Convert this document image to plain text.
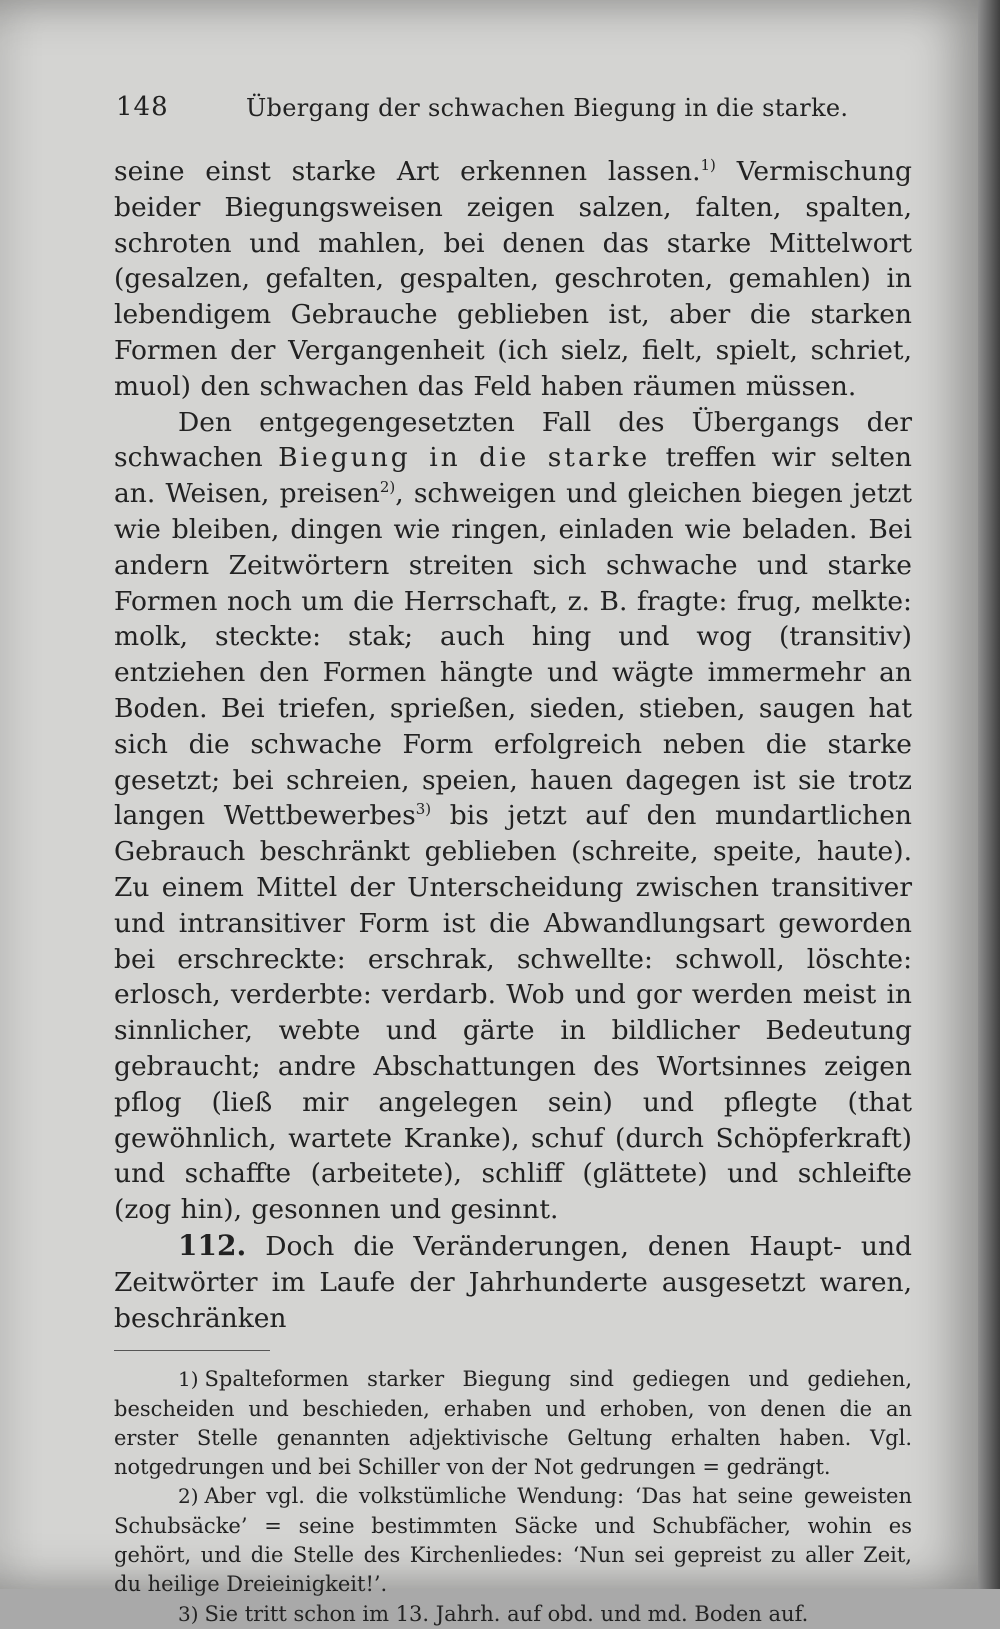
148	Übergang der schwachen Biegung in die starke.

seine einst starke Art erkennen lassen.$^{1)}$ Vermischung beider Biegungsweisen zeigen salzen, falten, spalten, schroten und mahlen, bei denen das starke Mittelwort (gesalzen, gefalten, gespalten, geschroten, gemahlen) in lebendigem Gebrauche geblieben ist, aber die starken Formen der Vergangenheit (ich sielz, fielt, spielt, schriet, muol) den schwachen das Feld haben räumen müssen.

Den entgegengesetzten Fall des Übergangs der schwachen Biegung in die starke treffen wir selten an. Weisen, preisen$^{2)}$, schweigen und gleichen biegen jetzt wie bleiben, dingen wie ringen, einladen wie beladen. Bei andern Zeitwörtern streiten sich schwache und starke Formen noch um die Herrschaft, z. B. fragte: frug, melkte: molk, steckte: stak; auch hing und wog (transitiv) entziehen den Formen hängte und wägte immermehr an Boden. Bei triefen, sprießen, sieden, stieben, saugen hat sich die schwache Form erfolgreich neben die starke gesetzt; bei schreien, speien, hauen dagegen ist sie trotz langen Wettbewerbes$^{3)}$ bis jetzt auf den mundartlichen Gebrauch beschränkt geblieben (schreite, speite, haute). Zu einem Mittel der Unterscheidung zwischen transitiver und intransitiver Form ist die Abwandlungsart geworden bei erschreckte: erschrak, schwellte: schwoll, löschte: erlosch, verderbte: verdarb. Wob und gor werden meist in sinnlicher, webte und gärte in bildlicher Bedeutung gebraucht; andre Abschattungen des Wortsinnes zeigen pflog (ließ mir angelegen sein) und pflegte (that gewöhnlich, wartete Kranke), schuf (durch Schöpferkraft) und schaffte (arbeitete), schliff (glättete) und schleifte (zog hin), gesonnen und gesinnt.

112. Doch die Veränderungen, denen Haupt- und Zeitwörter im Laufe der Jahrhunderte ausgesetzt waren, beschränken

1) Spalteformen starker Biegung sind gediegen und gediehen, bescheiden und beschieden, erhaben und erhoben, von denen die an erster Stelle genannten adjektivische Geltung erhalten haben. Vgl. notgedrungen und bei Schiller von der Not gedrungen = gedrängt.

2) Aber vgl. die volkstümliche Wendung: ‘Das hat seine geweisten Schubsäcke’ = seine bestimmten Säcke und Schubfächer, wohin es gehört, und die Stelle des Kirchenliedes: ‘Nun sei gepreist zu aller Zeit, du heilige Dreieinigkeit!’.

3) Sie tritt schon im 13. Jahrh. auf obd. und md. Boden auf.
